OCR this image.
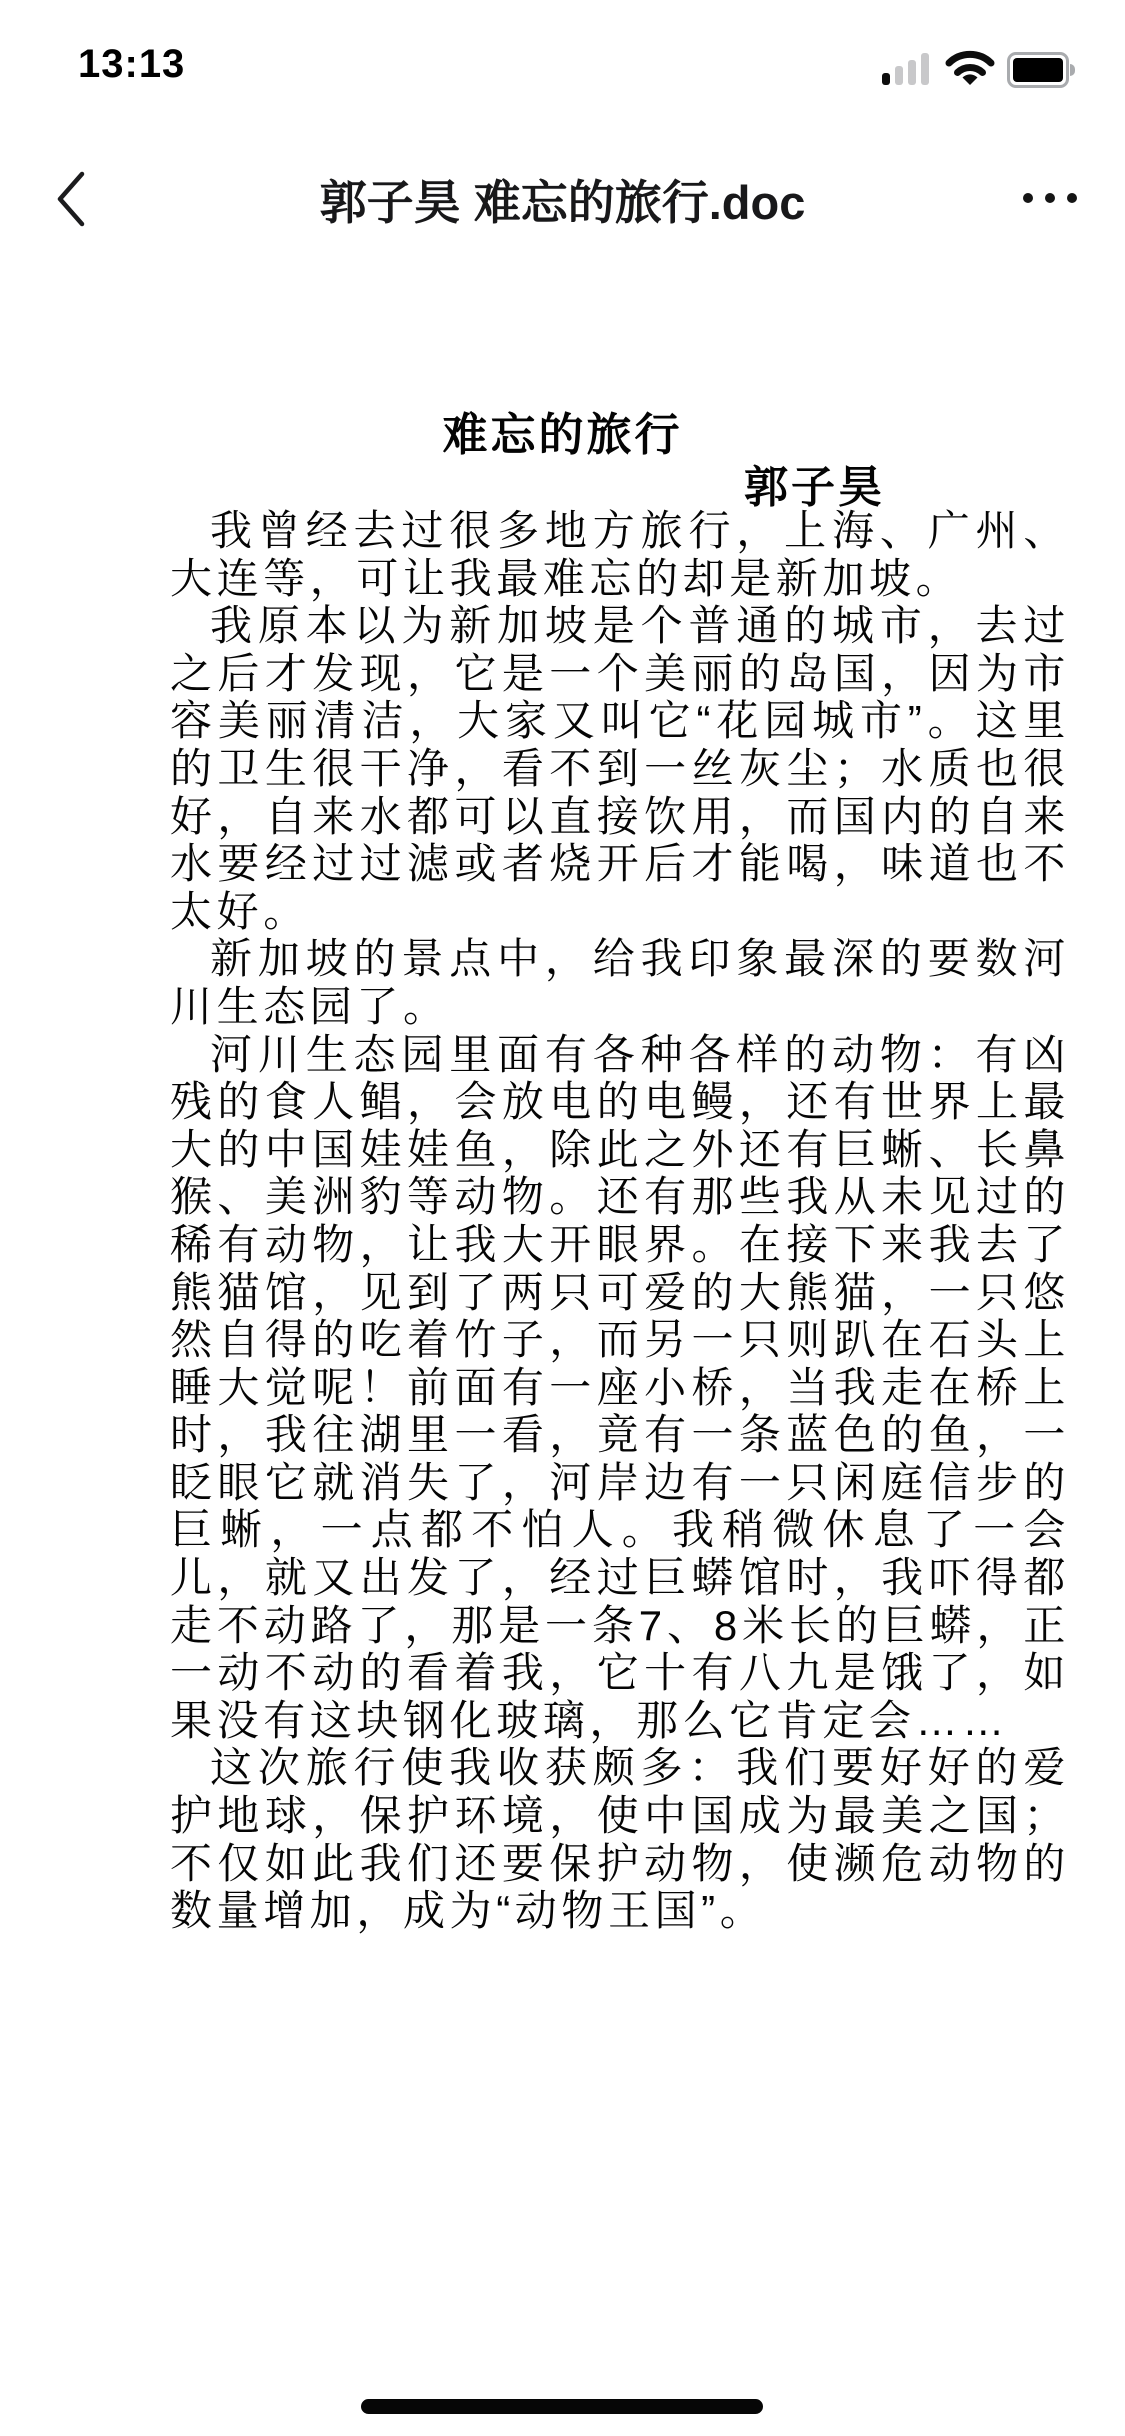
13:13
郭子昊 难忘的旅行.doc
难忘的旅行
郭子昊

我曾经去过很多地方旅行，上海、广州、大连等，可让我最难忘的却是新加坡。

我原本以为新加坡是个普通的城市，去过之后才发现，它是一个美丽的岛国，因为市容美丽清洁，大家又叫它“花园城市”。这里的卫生很干净，看不到一丝灰尘；水质也很好，自来水都可以直接饮用，而国内的自来水要经过过滤或者烧开后才能喝，味道也不太好。

新加坡的景点中，给我印象最深的要数河川生态园了。

河川生态园里面有各种各样的动物：有凶残的食人鲳，会放电的电鳗，还有世界上最大的中国娃娃鱼，除此之外还有巨蜥、长鼻猴、美洲豹等动物。还有那些我从未见过的稀有动物，让我大开眼界。在接下来我去了熊猫馆，见到了两只可爱的大熊猫，一只悠然自得的吃着竹子，而另一只则趴在石头上睡大觉呢！前面有一座小桥，当我走在桥上时，我往湖里一看，竟有一条蓝色的鱼，一眨眼它就消失了，河岸边有一只闲庭信步的巨蜥，一点都不怕人。我稍微休息了一会儿，就又出发了，经过巨蟒馆时，我吓得都走不动路了，那是一条7、8米长的巨蟒，正一动不动的看着我，它十有八九是饿了，如果没有这块钢化玻璃，那么它肯定会……

这次旅行使我收获颇多：我们要好好的爱护地球，保护环境，使中国成为最美之国；不仅如此我们还要保护动物，使濒危动物的数量增加，成为“动物王国”。
